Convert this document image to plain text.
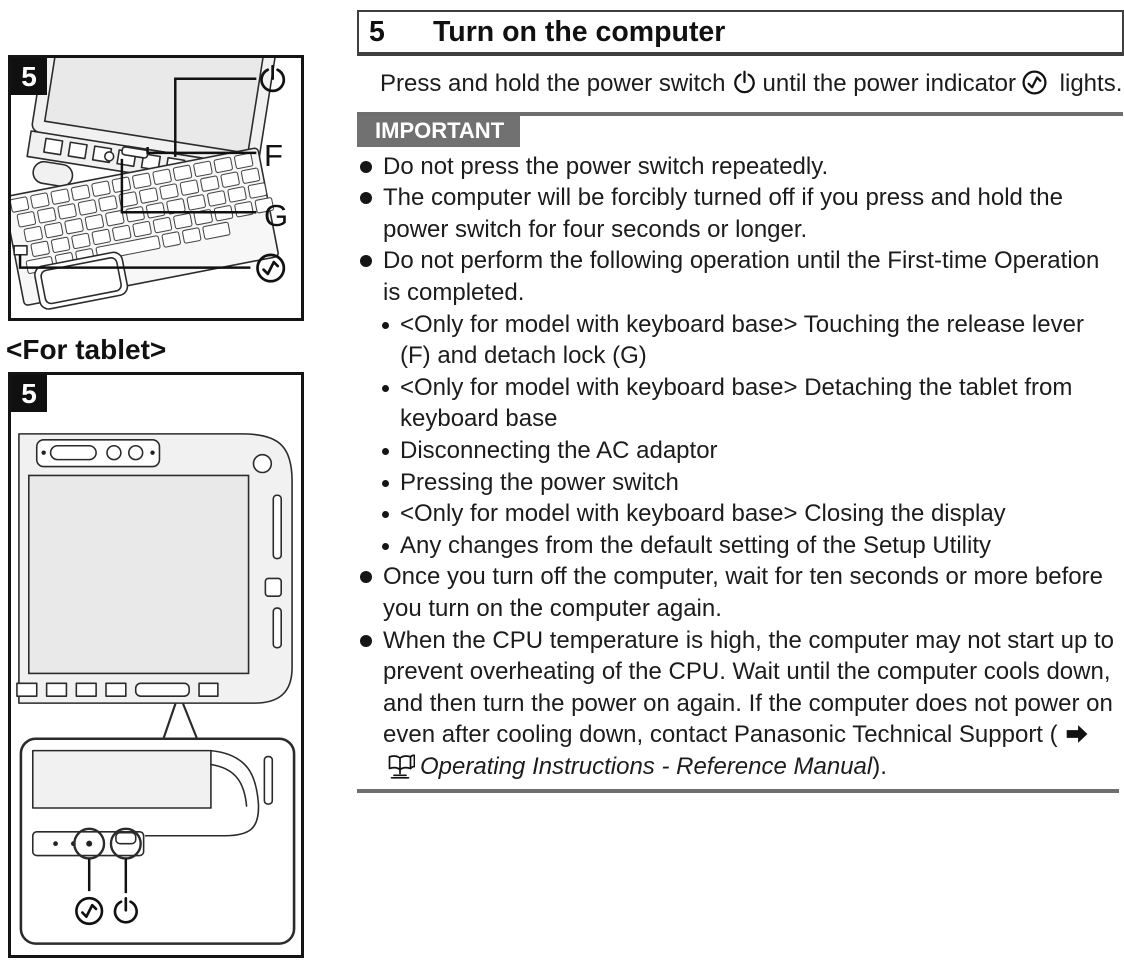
5
F
G
<For tablet>
5
5	Turn on the computer

Press and hold the power switch until the power indicator lights.

IMPORTANT
Do not press the power switch repeatedly.
The computer will be forcibly turned off if you press and hold the power switch for four seconds or longer.
Do not perform the following operation until the First-time Operation is completed.
<Only for model with keyboard base> Touching the release lever (F) and detach lock (G)
<Only for model with keyboard base> Detaching the tablet from keyboard base
Disconnecting the AC adaptor
Pressing the power switch
<Only for model with keyboard base> Closing the display
Any changes from the default setting of the Setup Utility
Once you turn off the computer, wait for ten seconds or more before you turn on the computer again.
When the CPU temperature is high, the computer may not start up to prevent overheating of the CPU. Wait until the computer cools down, and then turn the power on again. If the computer does not power on even after cooling down, contact Panasonic Technical Support (Operating Instructions - Reference Manual).
